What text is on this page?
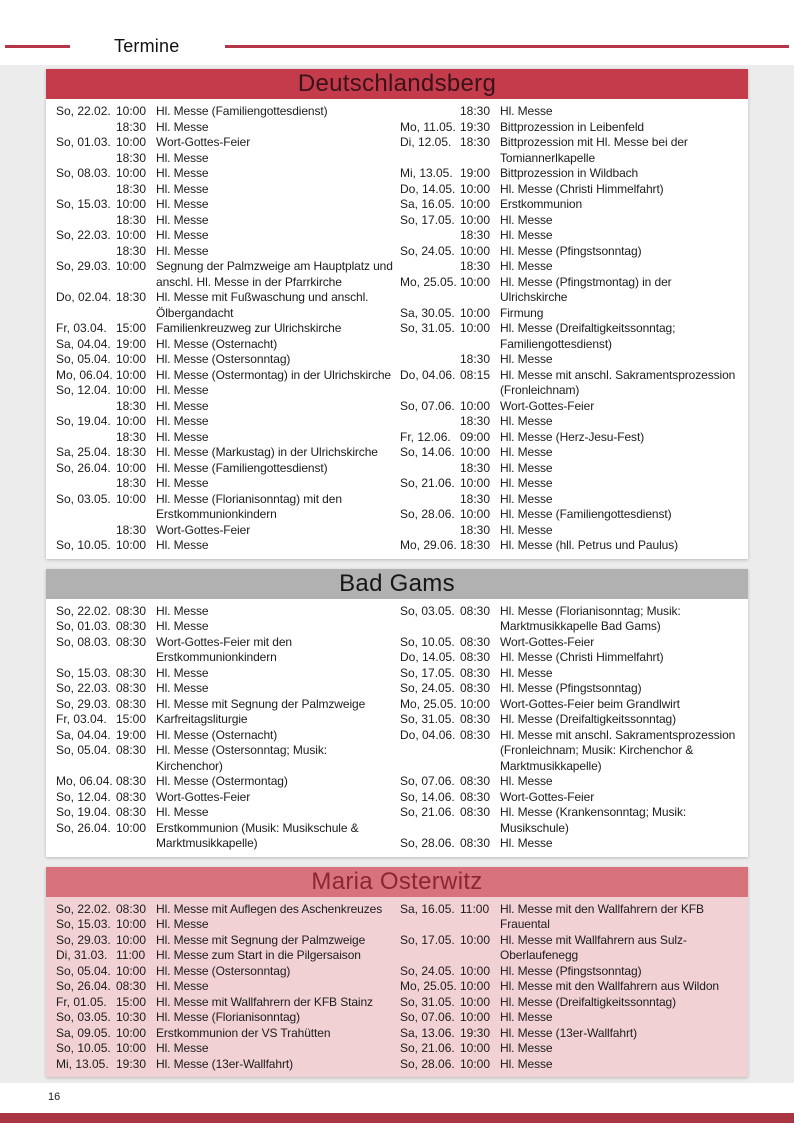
Termine
Deutschlandsberg
So, 22.02. 10:00 Hl. Messe (Familiengottesdienst)
18:30 Hl. Messe
So, 01.03. 10:00 Wort-Gottes-Feier
18:30 Hl. Messe
So, 08.03. 10:00 Hl. Messe
18:30 Hl. Messe
So, 15.03. 10:00 Hl. Messe
18:30 Hl. Messe
So, 22.03. 10:00 Hl. Messe
18:30 Hl. Messe
So, 29.03. 10:00 Segnung der Palmzweige am Hauptplatz und anschl. Hl. Messe in der Pfarrkirche
Do, 02.04. 18:30 Hl. Messe mit Fußwaschung und anschl. Ölbergandacht
Fr, 03.04. 15:00 Familienkreuzweg zur Ulrichskirche
Sa, 04.04. 19:00 Hl. Messe (Osternacht)
So, 05.04. 10:00 Hl. Messe (Ostersonntag)
Mo, 06.04. 10:00 Hl. Messe (Ostermontag) in der Ulrichskirche
So, 12.04. 10:00 Hl. Messe
18:30 Hl. Messe
So, 19.04. 10:00 Hl. Messe
18:30 Hl. Messe
Sa, 25.04. 18:30 Hl. Messe (Markustag) in der Ulrichskirche
So, 26.04. 10:00 Hl. Messe (Familiengottesdienst)
18:30 Hl. Messe
So, 03.05. 10:00 Hl. Messe (Florianisonntag) mit den Erstkommunionkindern
18:30 Wort-Gottes-Feier
So, 10.05. 10:00 Hl. Messe
18:30 Hl. Messe
Mo, 11.05. 19:30 Bittprozession in Leibenfeld
Di, 12.05. 18:30 Bittprozession mit Hl. Messe bei der Tomiannerlkapelle
Mi, 13.05. 19:00 Bittprozession in Wildbach
Do, 14.05. 10:00 Hl. Messe (Christi Himmelfahrt)
Sa, 16.05. 10:00 Erstkommunion
So, 17.05. 10:00 Hl. Messe
18:30 Hl. Messe
So, 24.05. 10:00 Hl. Messe (Pfingstsonntag)
18:30 Hl. Messe
Mo, 25.05. 10:00 Hl. Messe (Pfingstmontag) in der Ulrichskirche
Sa, 30.05. 10:00 Firmung
So, 31.05. 10:00 Hl. Messe (Dreifaltigkeitssonntag; Familiengottesdienst)
18:30 Hl. Messe
Do, 04.06. 08:15 Hl. Messe mit anschl. Sakramentsprozession (Fronleichnam)
So, 07.06. 10:00 Wort-Gottes-Feier
18:30 Hl. Messe
Fr, 12.06. 09:00 Hl. Messe (Herz-Jesu-Fest)
So, 14.06. 10:00 Hl. Messe
18:30 Hl. Messe
So, 21.06. 10:00 Hl. Messe
18:30 Hl. Messe
So, 28.06. 10:00 Hl. Messe (Familiengottesdienst)
18:30 Hl. Messe
Mo, 29.06. 18:30 Hl. Messe (hll. Petrus und Paulus)
Bad Gams
So, 22.02. 08:30 Hl. Messe
So, 01.03. 08:30 Hl. Messe
So, 08.03. 08:30 Wort-Gottes-Feier mit den Erstkommunionkindern
So, 15.03. 08:30 Hl. Messe
So, 22.03. 08:30 Hl. Messe
So, 29.03. 08:30 Hl. Messe mit Segnung der Palmzweige
Fr, 03.04. 15:00 Karfreitagsliturgie
Sa, 04.04. 19:00 Hl. Messe (Osternacht)
So, 05.04. 08:30 Hl. Messe (Ostersonntag; Musik: Kirchenchor)
Mo, 06.04. 08:30 Hl. Messe (Ostermontag)
So, 12.04. 08:30 Wort-Gottes-Feier
So, 19.04. 08:30 Hl. Messe
So, 26.04. 10:00 Erstkommunion (Musik: Musikschule & Marktmusikkapelle)
So, 03.05. 08:30 Hl. Messe (Florianisonntag; Musik: Marktmusikkapelle Bad Gams)
So, 10.05. 08:30 Wort-Gottes-Feier
Do, 14.05. 08:30 Hl. Messe (Christi Himmelfahrt)
So, 17.05. 08:30 Hl. Messe
So, 24.05. 08:30 Hl. Messe (Pfingstsonntag)
Mo, 25.05. 10:00 Wort-Gottes-Feier beim Grandlwirt
So, 31.05. 08:30 Hl. Messe (Dreifaltigkeitssonntag)
Do, 04.06. 08:30 Hl. Messe mit anschl. Sakramentsprozession (Fronleichnam; Musik: Kirchenchor & Marktmusikkapelle)
So, 07.06. 08:30 Hl. Messe
So, 14.06. 08:30 Wort-Gottes-Feier
So, 21.06. 08:30 Hl. Messe (Krankensonntag; Musik: Musikschule)
So, 28.06. 08:30 Hl. Messe
Maria Osterwitz
So, 22.02. 08:30 Hl. Messe mit Auflegen des Aschenkreuzes
So, 15.03. 10:00 Hl. Messe
So, 29.03. 10:00 Hl. Messe mit Segnung der Palmzweige
Di, 31.03. 11:00 Hl. Messe zum Start in die Pilgersaison
So, 05.04. 10:00 Hl. Messe (Ostersonntag)
So, 26.04. 08:30 Hl. Messe
Fr, 01.05. 15:00 Hl. Messe mit Wallfahrern der KFB Stainz
So, 03.05. 10:30 Hl. Messe (Florianisonntag)
Sa, 09.05. 10:00 Erstkommunion der VS Trahütten
So, 10.05. 10:00 Hl. Messe
Mi, 13.05. 19:30 Hl. Messe (13er-Wallfahrt)
Sa, 16.05. 11:00 Hl. Messe mit den Wallfahrern der KFB Frauental
So, 17.05. 10:00 Hl. Messe mit Wallfahrern aus Sulz-Oberlaufenegg
So, 24.05. 10:00 Hl. Messe (Pfingstsonntag)
Mo, 25.05. 10:00 Hl. Messe mit den Wallfahrern aus Wildon
So, 31.05. 10:00 Hl. Messe (Dreifaltigkeitssonntag)
So, 07.06. 10:00 Hl. Messe
Sa, 13.06. 19:30 Hl. Messe (13er-Wallfahrt)
So, 21.06. 10:00 Hl. Messe
So, 28.06. 10:00 Hl. Messe
16
